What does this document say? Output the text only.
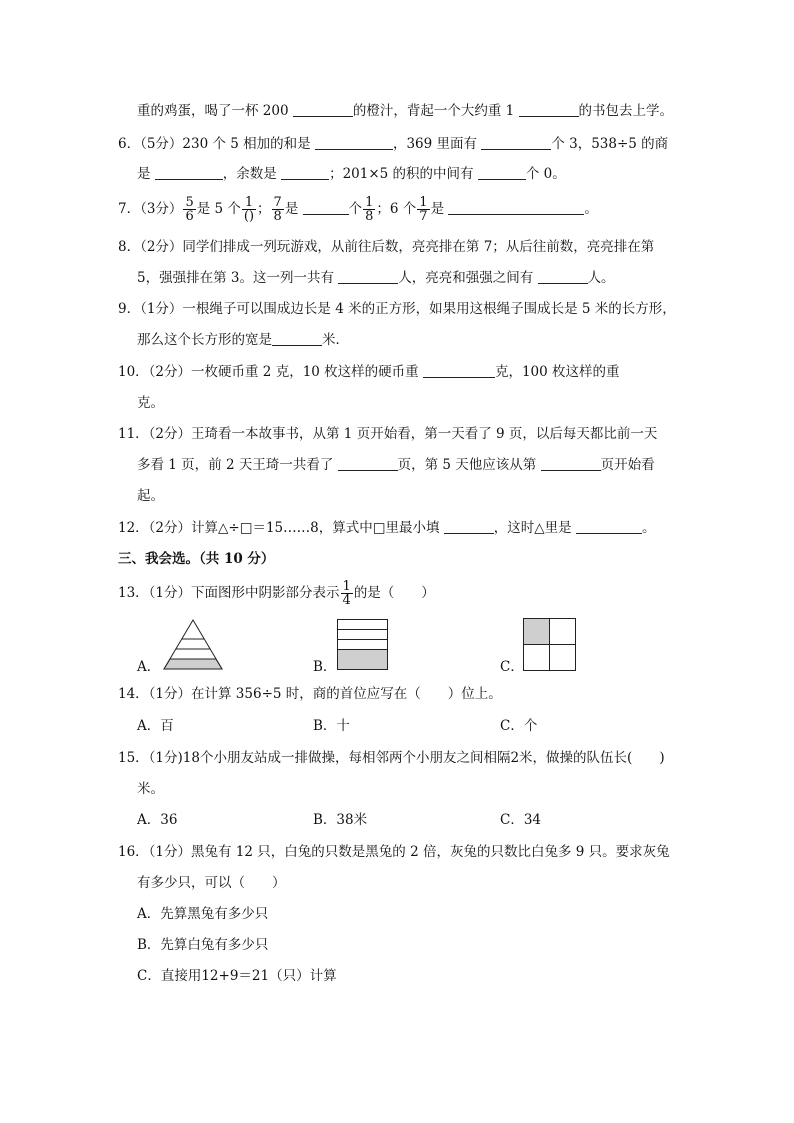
重的鸡蛋，喝了一杯 200	的橙汁，背起一个大约重 1	的书包去上学。
6．（5分）230 个 5 相加的和是	，369 里面有	个 3，538÷5 的商
是	，余数是	；201×5 的积的中间有	个 0。
7．（3分） $\frac{5}{6}$ 是 5 个 $\frac{1}{()}$ ； $\frac{7}{8}$ 是	个 $\frac{1}{8}$ ；6 个 $\frac{1}{7}$ 是	。
8．（2分）同学们排成一列玩游戏，从前往后数，亮亮排在第 7；从后往前数，亮亮排在第
5，强强排在第 3。这一列一共有	人，亮亮和强强之间有	人。
9．（1分）一根绳子可以围成边长是 4 米的正方形，如果用这根绳子围成长是 5 米的长方形，
那么这个长方形的宽是	米．
10．（2分）一枚硬币重 2 克，10 枚这样的硬币重	克，100 枚这样的重
克。
11．（2分）王琦看一本故事书，从第 1 页开始看，第一天看了 9 页，以后每天都比前一天
多看 1 页，前 2 天王琦一共看了	页，第 5 天他应该从第	页开始看
起。
12．（2分）计算△÷□＝15……8，算式中□里最小填	，这时△里是	。
三、我会选。（共 10 分）
13．（1分）下面图形中阴影部分表示 $\frac{1}{4}$ 的是（　　）
A．	B．	C．
14．（1分）在计算 356÷5 时，商的首位应写在（　　）位上。
A．百	B．十	C．个
15．（1分)18个小朋友站成一排做操，每相邻两个小朋友之间相隔2米，做操的队伍长(　　)
米。
A．36	B．38米	C．34
16．（1分）黑兔有 12 只，白兔的只数是黑兔的 2 倍，灰兔的只数比白兔多 9 只。要求灰兔
有多少只，可以（　　）
A．先算黑兔有多少只
B．先算白兔有多少只
C．直接用12+9＝21（只）计算
